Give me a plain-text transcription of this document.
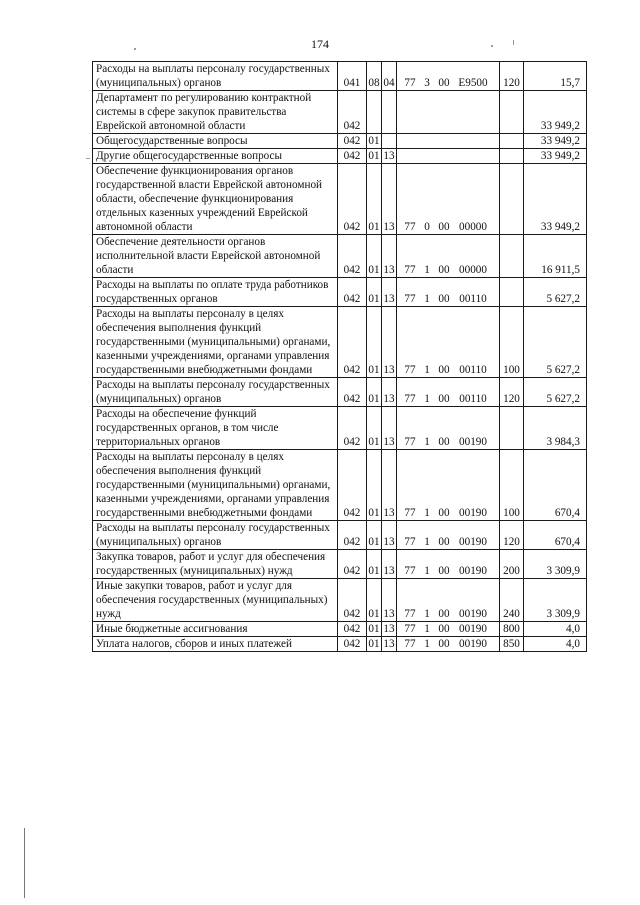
174
Расходы на выплаты персоналу государственных (муниципальных) органов	041	08	04	77 3 00 E9500	120	15,7
Департамент по регулированию контрактной системы в сфере закупок правительства Еврейской автономной области	042					33 949,2
Общегосударственные вопросы	042	01				33 949,2
Другие общегосударственные вопросы	042	01	13			33 949,2
Обеспечение функционирования органов государственной власти Еврейской автономной области, обеспечение функционирования отдельных казенных учреждений Еврейской автономной области	042	01	13	77 0 00 00000		33 949,2
Обеспечение деятельности органов исполнительной власти Еврейской автономной области	042	01	13	77 1 00 00000		16 911,5
Расходы на выплаты по оплате труда работников государственных органов	042	01	13	77 1 00 00110		5 627,2
Расходы на выплаты персоналу в целях обеспечения выполнения функций государственными (муниципальными) органами, казенными учреждениями, органами управления государственными внебюджетными фондами	042	01	13	77 1 00 00110	100	5 627,2
Расходы на выплаты персоналу государственных (муниципальных) органов	042	01	13	77 1 00 00110	120	5 627,2
Расходы на обеспечение функций государственных органов, в том числе территориальных органов	042	01	13	77 1 00 00190		3 984,3
Расходы на выплаты персоналу в целях обеспечения выполнения функций государственными (муниципальными) органами, казенными учреждениями, органами управления государственными внебюджетными фондами	042	01	13	77 1 00 00190	100	670,4
Расходы на выплаты персоналу государственных (муниципальных) органов	042	01	13	77 1 00 00190	120	670,4
Закупка товаров, работ и услуг для обеспечения государственных (муниципальных) нужд	042	01	13	77 1 00 00190	200	3 309,9
Иные закупки товаров, работ и услуг для обеспечения государственных (муниципальных) нужд	042	01	13	77 1 00 00190	240	3 309,9
Иные бюджетные ассигнования	042	01	13	77 1 00 00190	800	4,0
Уплата налогов, сборов и иных платежей	042	01	13	77 1 00 00190	850	4,0
